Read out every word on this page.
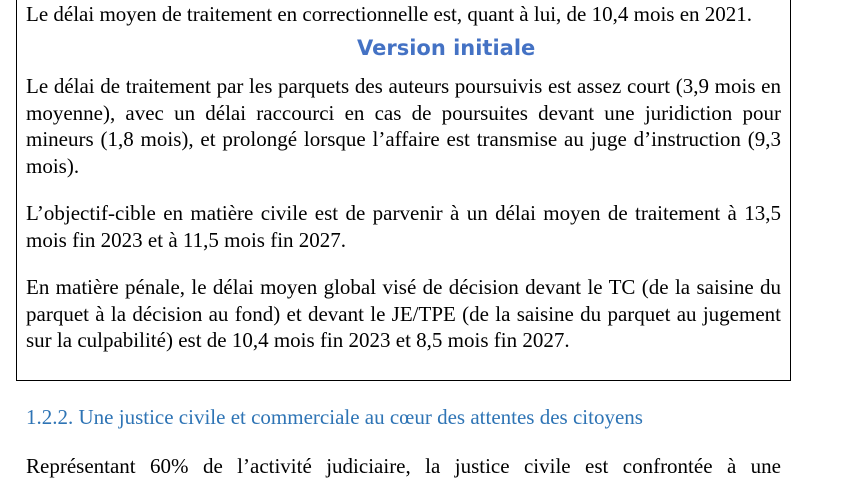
Le délai moyen de traitement en correctionnelle est, quant à lui, de 10,4 mois en 2021.

Version initiale

Le délai de traitement par les parquets des auteurs poursuivis est assez court (3,9 mois en moyenne), avec un délai raccourci en cas de poursuites devant une juridiction pour mineurs (1,8 mois), et prolongé lorsque l’affaire est transmise au juge d’instruction (9,3 mois).

L’objectif-cible en matière civile est de parvenir à un délai moyen de traitement à 13,5 mois fin 2023 et à 11,5 mois fin 2027.

En matière pénale, le délai moyen global visé de décision devant le TC (de la saisine du parquet à la décision au fond) et devant le JE/TPE (de la saisine du parquet au jugement sur la culpabilité) est de 10,4 mois fin 2023 et 8,5 mois fin 2027.

1.2.2. Une justice civile et commerciale au cœur des attentes des citoyens

Représentant 60% de l’activité judiciaire, la justice civile est confrontée à une
